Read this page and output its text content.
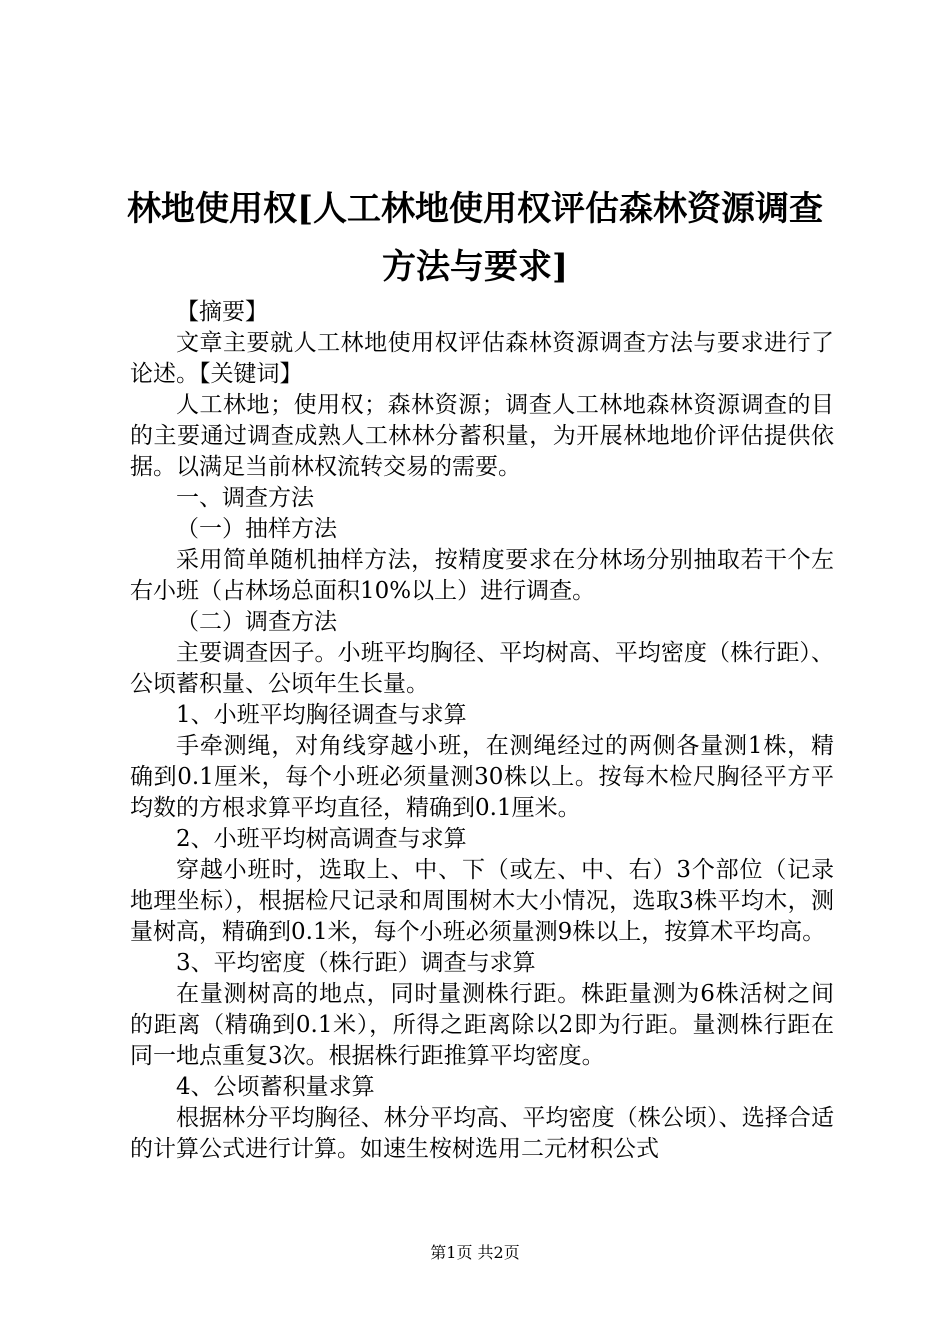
林地使用权[人工林地使用权评估森林资源调查方法与要求]

【摘要】

文章主要就人工林地使用权评估森林资源调查方法与要求进行了论述。【关键词】

人工林地；使用权；森林资源；调查人工林地森林资源调查的目的主要通过调查成熟人工林林分蓄积量，为开展林地地价评估提供依据。以满足当前林权流转交易的需要。

一、调查方法

（一）抽样方法

采用简单随机抽样方法，按精度要求在分林场分别抽取若干个左右小班（占林场总面积10%以上）进行调查。

（二）调查方法

主要调查因子。小班平均胸径、平均树高、平均密度（株行距）、公顷蓄积量、公顷年生长量。

1、小班平均胸径调查与求算

手牵测绳，对角线穿越小班，在测绳经过的两侧各量测1株，精确到0.1厘米，每个小班必须量测30株以上。按每木检尺胸径平方平均数的方根求算平均直径，精确到0.1厘米。

2、小班平均树高调查与求算

穿越小班时，选取上、中、下（或左、中、右）3个部位（记录地理坐标），根据检尺记录和周围树木大小情况，选取3株平均木，测量树高，精确到0.1米，每个小班必须量测9株以上，按算术平均高。

3、平均密度（株行距）调查与求算

在量测树高的地点，同时量测株行距。株距量测为6株活树之间的距离（精确到0.1米），所得之距离除以2即为行距。量测株行距在同一地点重复3次。根据株行距推算平均密度。

4、公顷蓄积量求算

根据林分平均胸径、林分平均高、平均密度（株公顷）、选择合适的计算公式进行计算。如速生桉树选用二元材积公式

第1页 共2页
